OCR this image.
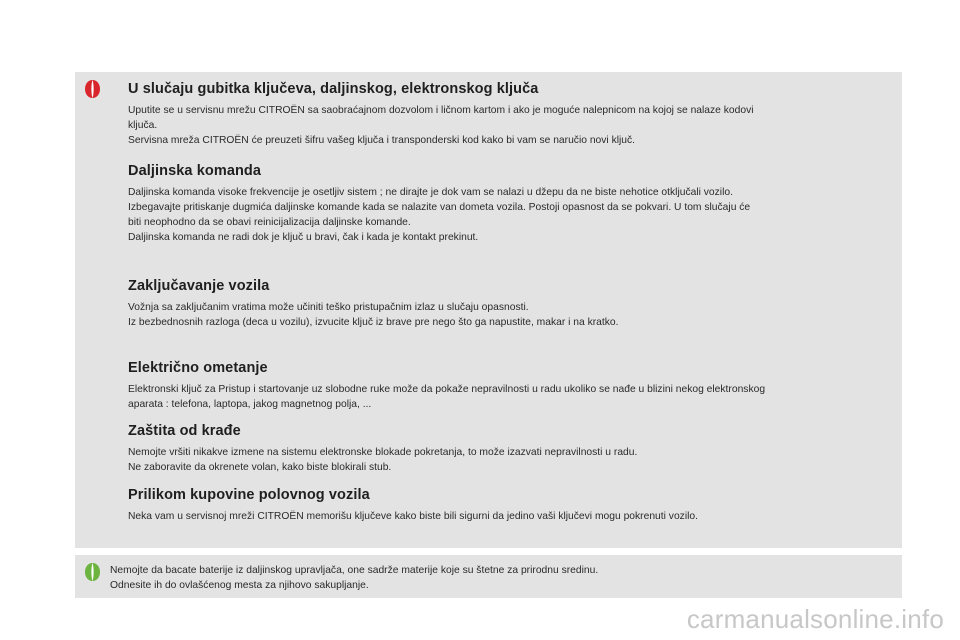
U slučaju gubitka ključeva, daljinskog, elektronskog ključa
Uputite se u servisnu mrežu CITROËN sa saobraćajnom dozvolom i ličnom kartom i ako je moguće nalepnicom na kojoj se nalaze kodovi
ključa.
Servisna mreža CITROËN će preuzeti šifru vašeg ključa i transponderski kod kako bi vam se naručio novi ključ.
Daljinska komanda
Daljinska komanda visoke frekvencije je osetljiv sistem ; ne dirajte je dok vam se nalazi u džepu da ne biste nehotice otključali vozilo.
Izbegavajte pritiskanje dugmića daljinske komande kada se nalazite van dometa vozila. Postoji opasnost da se pokvari. U tom slučaju će
biti neophodno da se obavi reinicijalizacija daljinske komande.
Daljinska komanda ne radi dok je ključ u bravi, čak i kada je kontakt prekinut.
Zaključavanje vozila
Vožnja sa zaključanim vratima može učiniti teško pristupačnim izlaz u slučaju opasnosti.
Iz bezbednosnih razloga (deca u vozilu), izvucite ključ iz brave pre nego što ga napustite, makar i na kratko.
Električno ometanje
Elektronski ključ za Pristup i startovanje uz slobodne ruke može da pokaže nepravilnosti u radu ukoliko se nađe u blizini nekog elektronskog
aparata : telefona, laptopa, jakog magnetnog polja, ...
Zaštita od krađe
Nemojte vršiti nikakve izmene na sistemu elektronske blokade pokretanja, to može izazvati nepravilnosti u radu.
Ne zaboravite da okrenete volan, kako biste blokirali stub.
Prilikom kupovine polovnog vozila
Neka vam u servisnoj mreži CITROËN memorišu ključeve kako biste bili sigurni da jedino vaši ključevi mogu pokrenuti vozilo.
Nemojte da bacate baterije iz daljinskog upravljača, one sadrže materije koje su štetne za prirodnu sredinu.
Odnesite ih do ovlašćenog mesta za njihovo sakupljanje.
carmanualsonline.info
